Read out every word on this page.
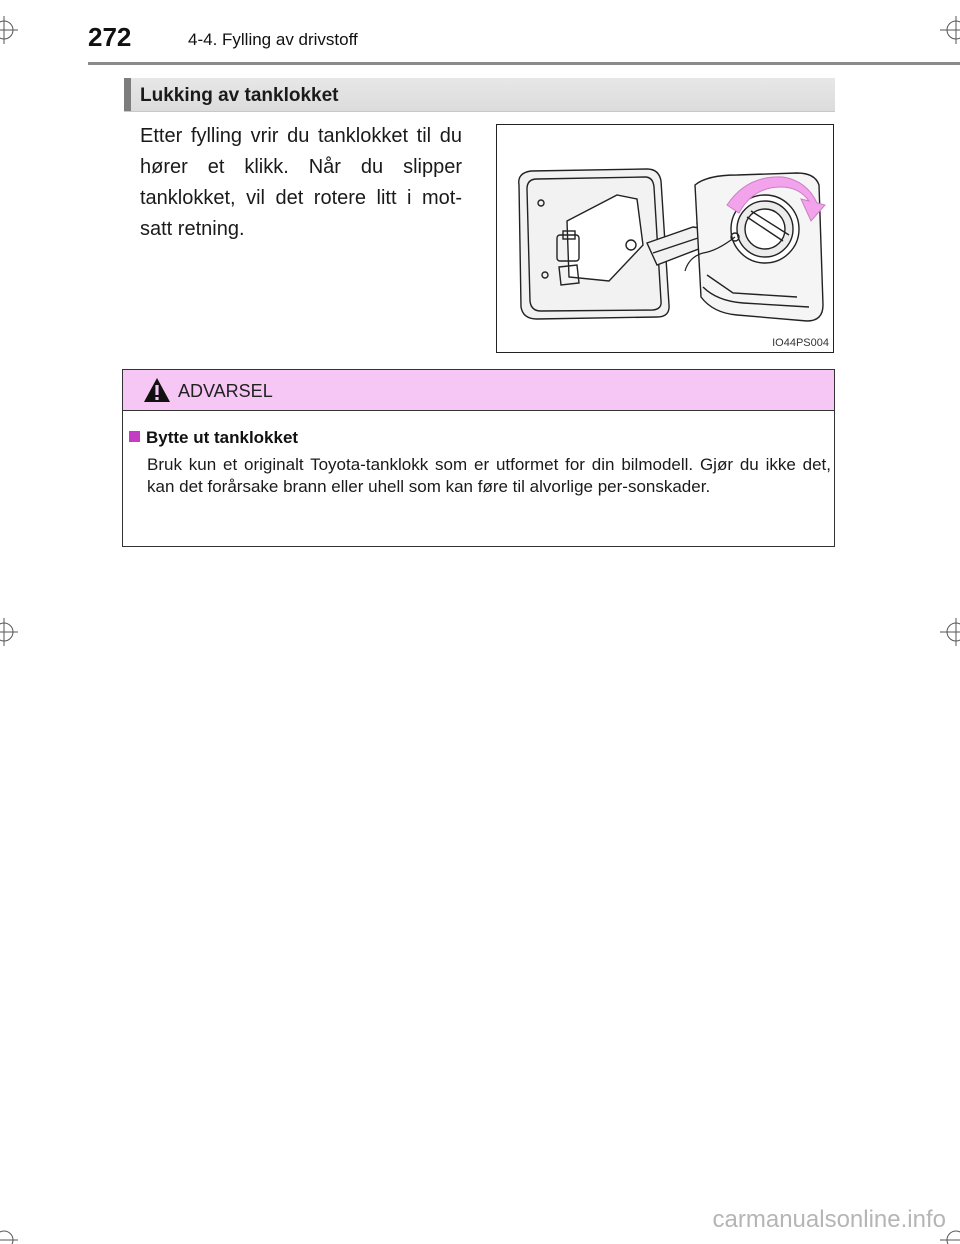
272	4-4. Fylling av drivstoff
Lukking av tanklokket
Etter fylling vrir du tanklokket til du hører et klikk. Når du slipper tanklokket, vil det rotere litt i mot-satt retning.
IO44PS004
ADVARSEL
Bytte ut tanklokket
Bruk kun et originalt Toyota-tanklokk som er utformet for din bilmodell. Gjør du ikke det, kan det forårsake brann eller uhell som kan føre til alvorlige per-sonskader.
carmanualsonline.info
